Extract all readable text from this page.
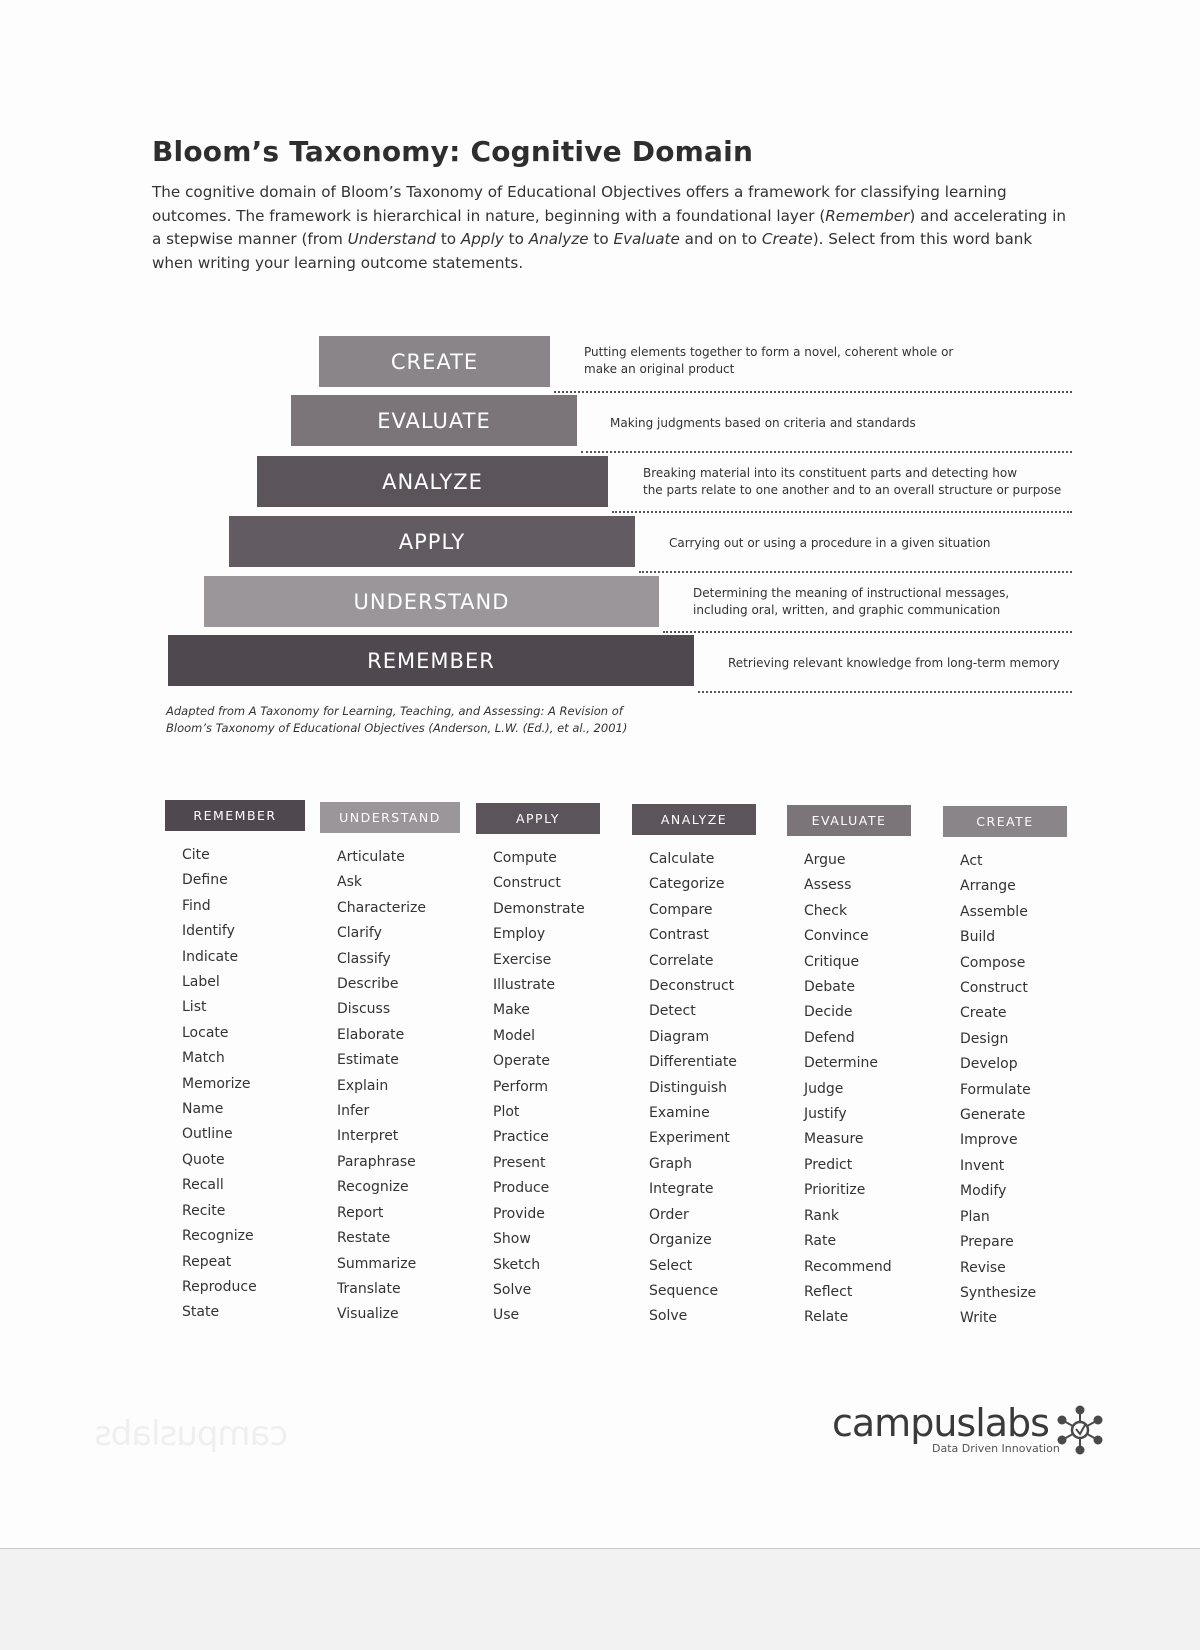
campuslabs
Bloom’s Taxonomy: Cognitive Domain

The cognitive domain of Bloom’s Taxonomy of Educational Objectives offers a framework for classifying learning outcomes. The framework is hierarchical in nature, beginning with a foundational layer (Remember) and accelerating in a stepwise manner (from Understand to Apply to Analyze to Evaluate and on to Create). Select from this word bank when writing your learning outcome statements.

CREATE	Putting elements together to form a novel, coherent whole or
make an original product
EVALUATE	Making judgments based on criteria and standards
ANALYZE	Breaking material into its constituent parts and detecting how
the parts relate to one another and to an overall structure or purpose
APPLY	Carrying out or using a procedure in a given situation
UNDERSTAND	Determining the meaning of instructional messages,
including oral, written, and graphic communication
REMEMBER	Retrieving relevant knowledge from long-term memory
Adapted from A Taxonomy for Learning, Teaching, and Assessing: A Revision of
Bloom’s Taxonomy of Educational Objectives (Anderson, L.W. (Ed.), et al., 2001)
REMEMBER
Cite
Define
Find
Identify
Indicate
Label
List
Locate
Match
Memorize
Name
Outline
Quote
Recall
Recite
Recognize
Repeat
Reproduce
State
UNDERSTAND
Articulate
Ask
Characterize
Clarify
Classify
Describe
Discuss
Elaborate
Estimate
Explain
Infer
Interpret
Paraphrase
Recognize
Report
Restate
Summarize
Translate
Visualize
APPLY
Compute
Construct
Demonstrate
Employ
Exercise
Illustrate
Make
Model
Operate
Perform
Plot
Practice
Present
Produce
Provide
Show
Sketch
Solve
Use
ANALYZE
Calculate
Categorize
Compare
Contrast
Correlate
Deconstruct
Detect
Diagram
Differentiate
Distinguish
Examine
Experiment
Graph
Integrate
Order
Organize
Select
Sequence
Solve
EVALUATE
Argue
Assess
Check
Convince
Critique
Debate
Decide
Defend
Determine
Judge
Justify
Measure
Predict
Prioritize
Rank
Rate
Recommend
Reflect
Relate
CREATE
Act
Arrange
Assemble
Build
Compose
Construct
Create
Design
Develop
Formulate
Generate
Improve
Invent
Modify
Plan
Prepare
Revise
Synthesize
Write
campuslabs
Data Driven Innovation
